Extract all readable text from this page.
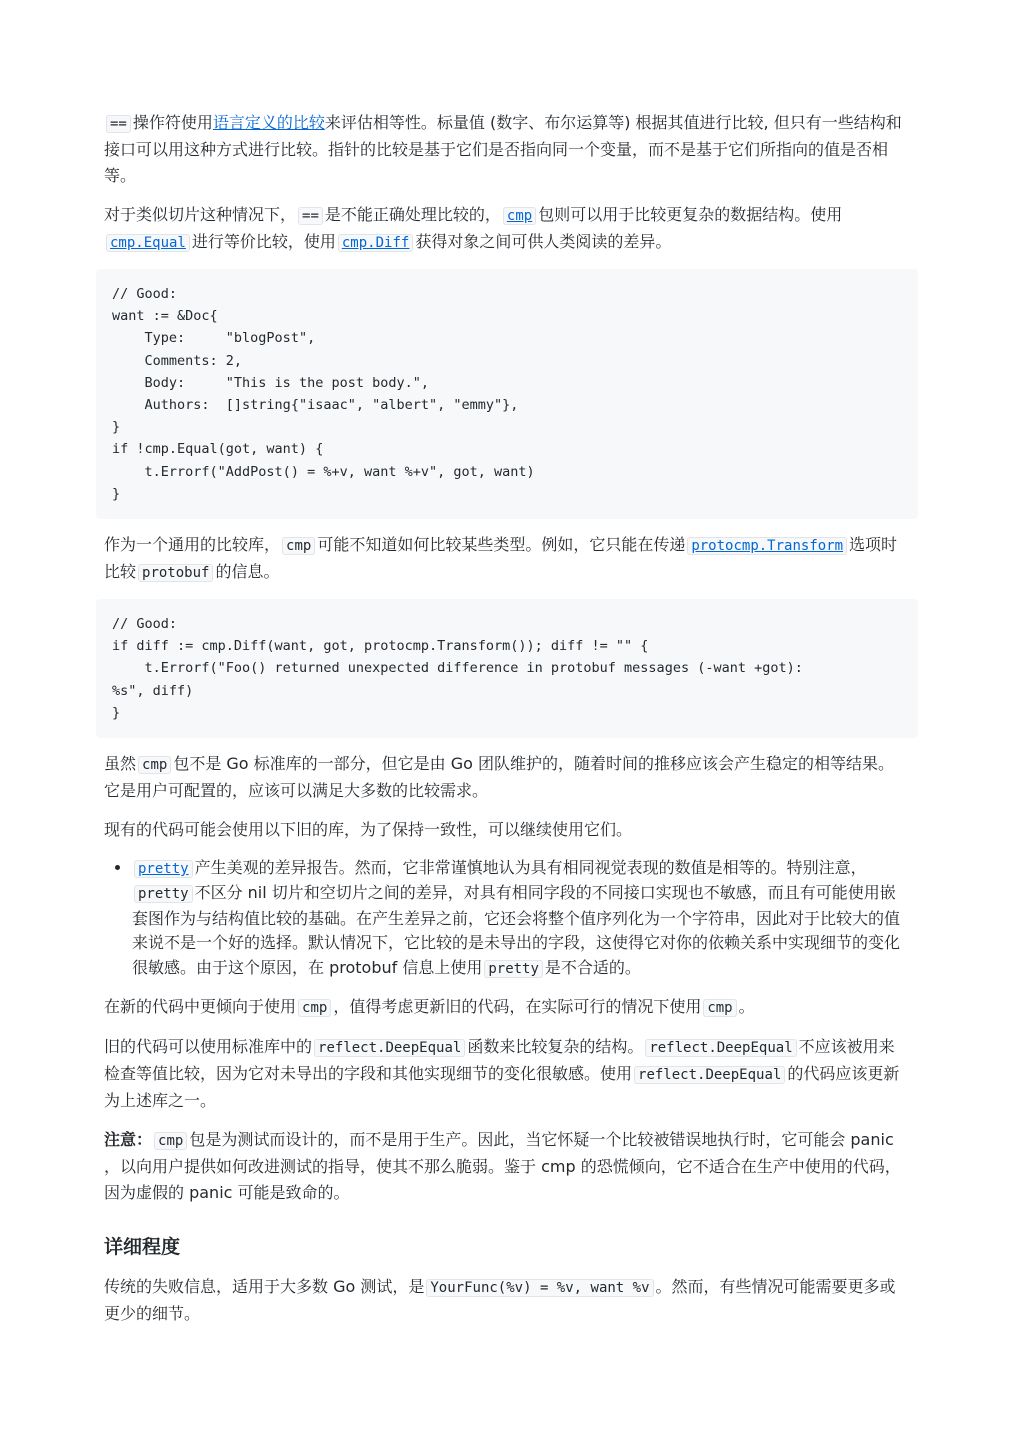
== 操作符使用语言定义的比较来评估相等性。标量值 (数字、布尔运算等) 根据其值进行比较, 但只有一些结构和接口可以用这种方式进行比较。指针的比较是基于它们是否指向同一个变量，而不是基于它们所指向的值是否相等。

对于类似切片这种情况下， == 是不能正确处理比较的， cmp 包则可以用于比较更复杂的数据结构。使用cmp.Equal 进行等价比较，使用 cmp.Diff 获得对象之间可供人类阅读的差异。

// Good:
want := &Doc{
Type:     "blogPost",
Comments: 2,
Body:     "This is the post body.",
Authors:  []string{"isaac", "albert", "emmy"},
}
if !cmp.Equal(got, want) {
t.Errorf("AddPost() = %+v, want %+v", got, want)
}

作为一个通用的比较库， cmp 可能不知道如何比较某些类型。例如，它只能在传递 protocmp.Transform 选项时比较 protobuf 的信息。

// Good:
if diff := cmp.Diff(want, got, protocmp.Transform()); diff != "" {
t.Errorf("Foo() returned unexpected difference in protobuf messages (-want +got):
%s", diff)
}

虽然 cmp 包不是 Go 标准库的一部分，但它是由 Go 团队维护的，随着时间的推移应该会产生稳定的相等结果。它是用户可配置的，应该可以满足大多数的比较需求。

现有的代码可能会使用以下旧的库，为了保持一致性，可以继续使用它们。

• pretty 产生美观的差异报告。然而，它非常谨慎地认为具有相同视觉表现的数值是相等的。特别注意，pretty 不区分 nil 切片和空切片之间的差异，对具有相同字段的不同接口实现也不敏感，而且有可能使用嵌套图作为与结构值比较的基础。在产生差异之前，它还会将整个值序列化为一个字符串，因此对于比较大的值来说不是一个好的选择。默认情况下，它比较的是未导出的字段，这使得它对你的依赖关系中实现细节的变化很敏感。由于这个原因，在 protobuf 信息上使用 pretty 是不合适的。

在新的代码中更倾向于使用 cmp ，值得考虑更新旧的代码，在实际可行的情况下使用 cmp 。

旧的代码可以使用标准库中的 reflect.DeepEqual 函数来比较复杂的结构。 reflect.DeepEqual 不应该被用来检查等值比较，因为它对未导出的字段和其他实现细节的变化很敏感。使用 reflect.DeepEqual 的代码应该更新为上述库之一。

注意： cmp 包是为测试而设计的，而不是用于生产。因此，当它怀疑一个比较被错误地执行时，它可能会 panic ，以向用户提供如何改进测试的指导，使其不那么脆弱。鉴于 cmp 的恐慌倾向，它不适合在生产中使用的代码，因为虚假的 panic 可能是致命的。

详细程度

传统的失败信息，适用于大多数 Go 测试，是 YourFunc(%v) = %v, want %v 。然而，有些情况可能需要更多或更少的细节。
